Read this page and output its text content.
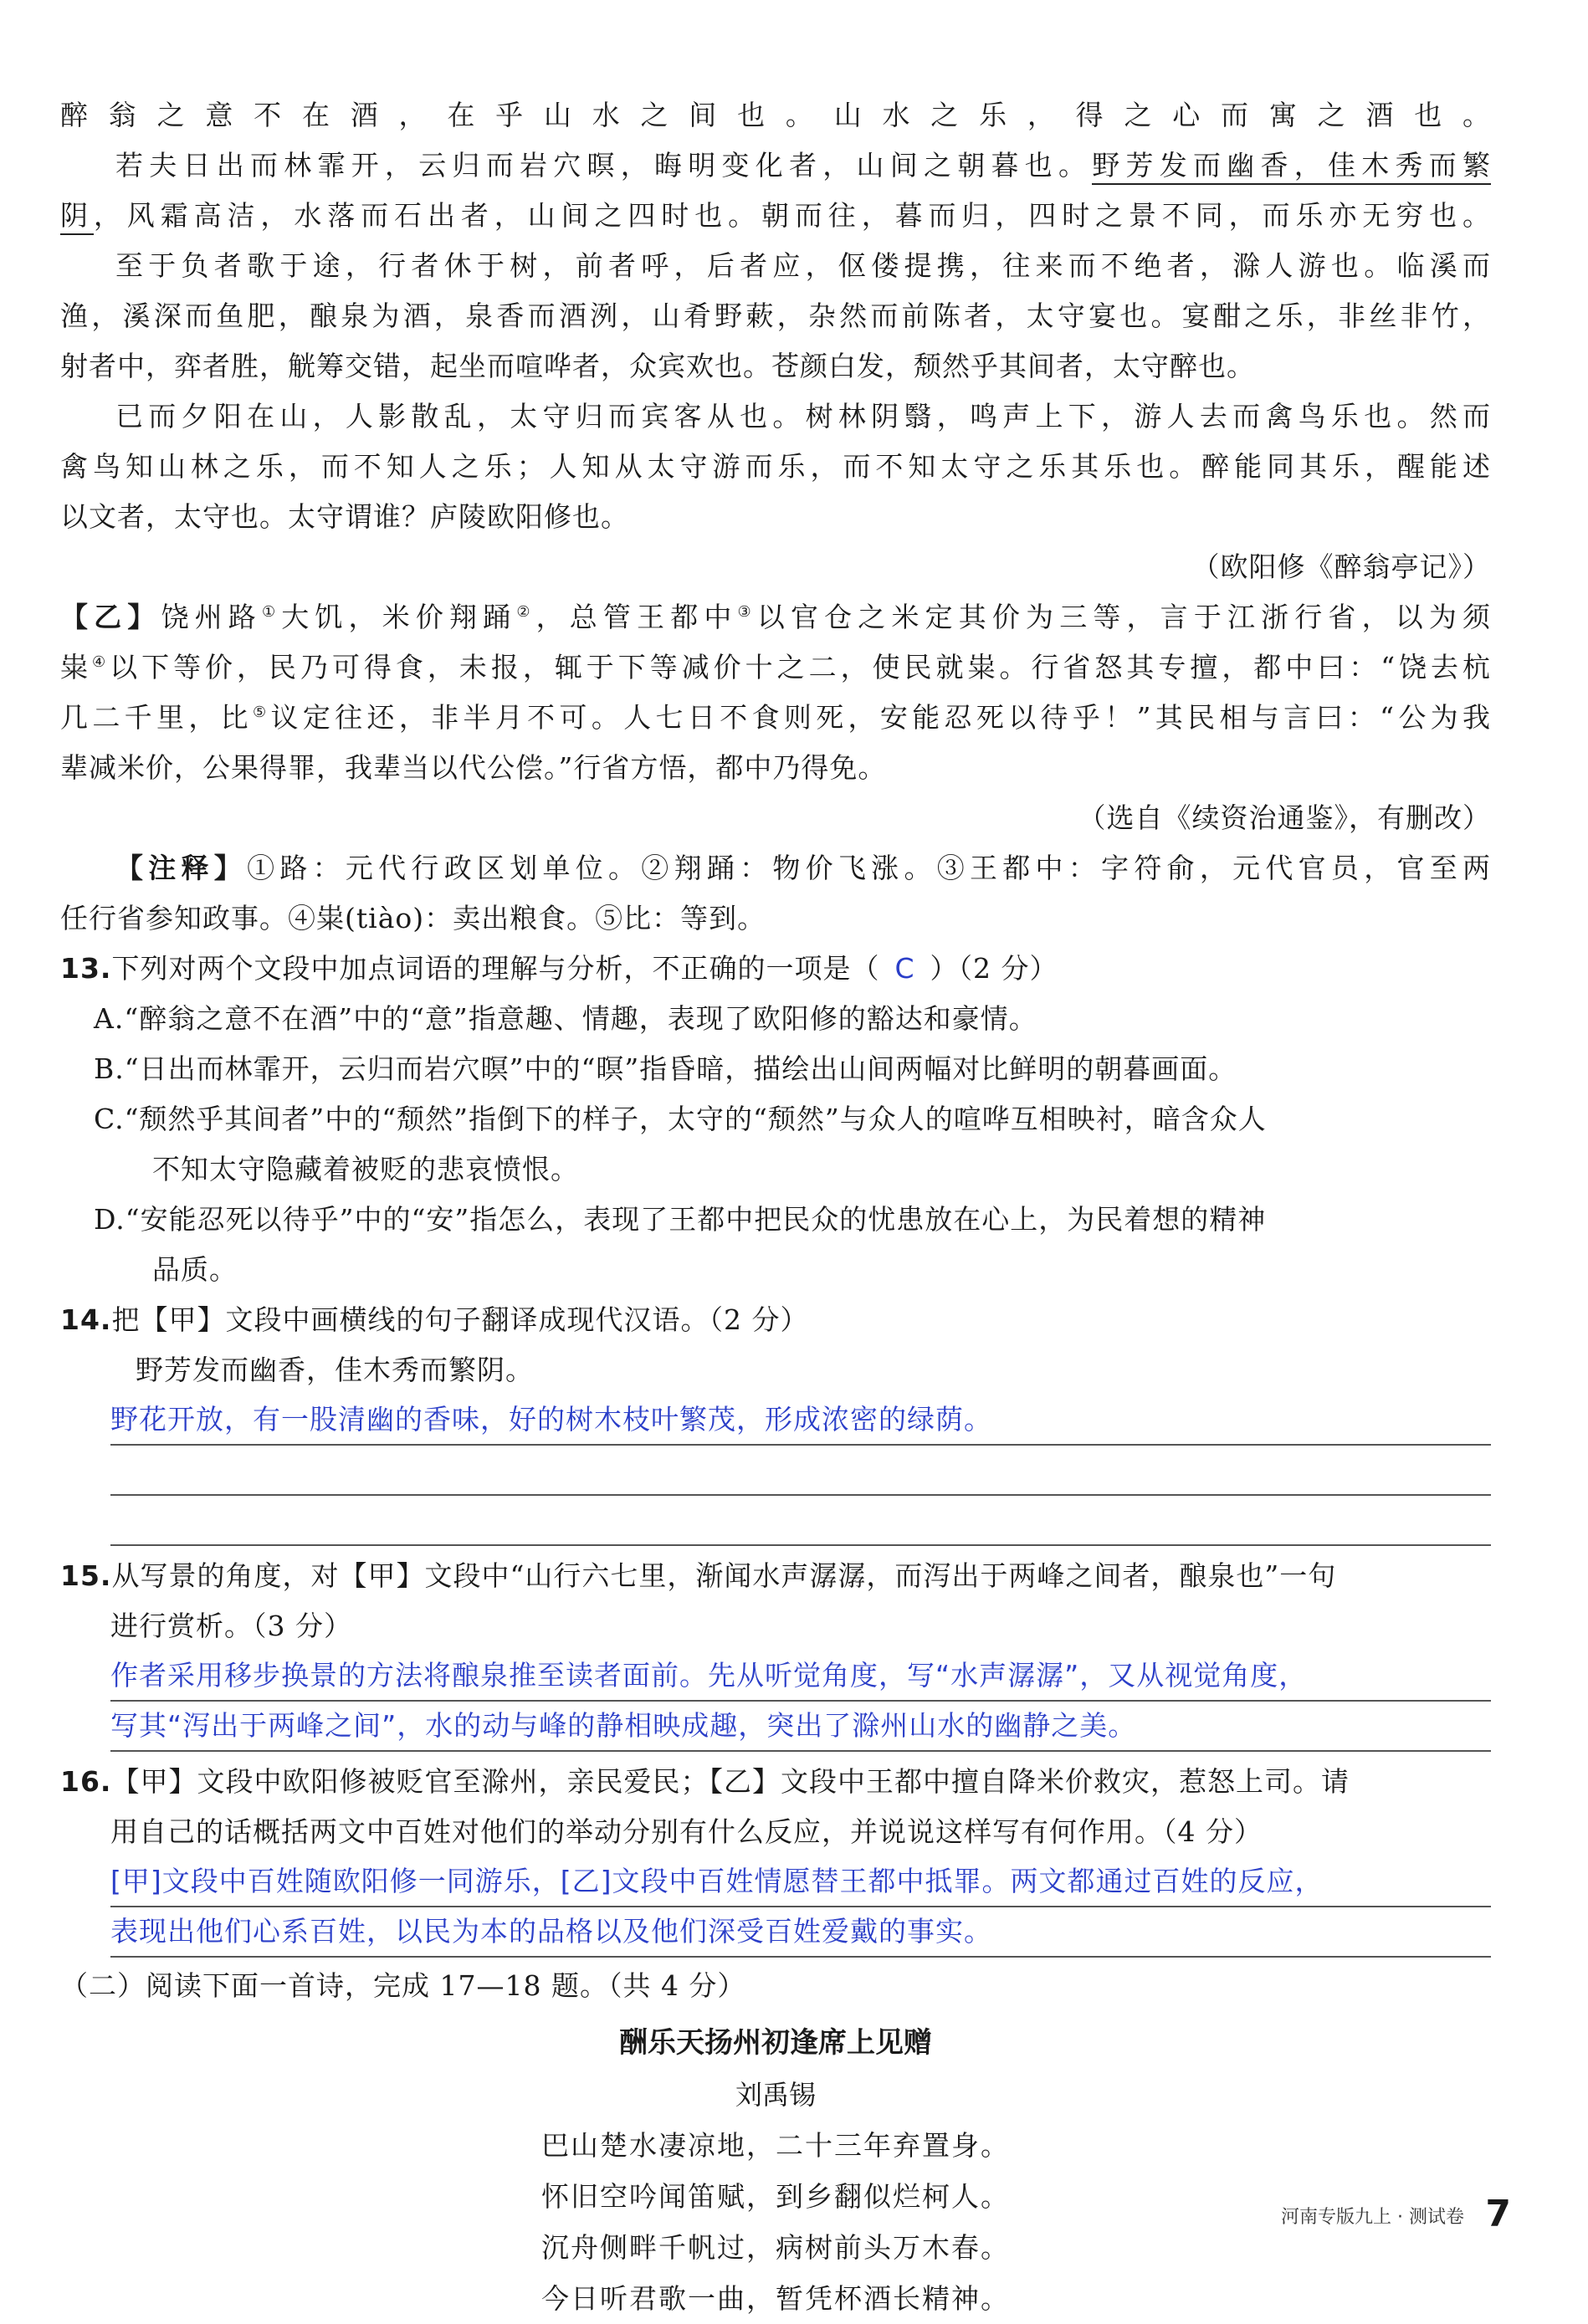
醉翁之意不在酒，在乎山水之间也。山水之乐，得之心而寓之酒也。

若夫日出而林霏开，云归而岩穴暝，晦明变化者，山间之朝暮也。野芳发而幽香，佳木秀而繁

阴，风霜高洁，水落而石出者，山间之四时也。朝而往，暮而归，四时之景不同，而乐亦无穷也。

至于负者歌于途，行者休于树，前者呼，后者应，伛偻提携，往来而不绝者，滁人游也。临溪而

渔，溪深而鱼肥，酿泉为酒，泉香而酒洌，山肴野蔌，杂然而前陈者，太守宴也。宴酣之乐，非丝非竹，

射者中，弈者胜，觥筹交错，起坐而喧哗者，众宾欢也。苍颜白发，颓然乎其间者，太守醉也。

已而夕阳在山，人影散乱，太守归而宾客从也。树林阴翳，鸣声上下，游人去而禽鸟乐也。然而

禽鸟知山林之乐，而不知人之乐；人知从太守游而乐，而不知太守之乐其乐也。醉能同其乐，醒能述

以文者，太守也。太守谓谁？庐陵欧阳修也。

（欧阳修《醉翁亭记》）

【乙】饶州路①大饥，米价翔踊②，总管王都中③以官仓之米定其价为三等，言于江浙行省，以为须

粜④以下等价，民乃可得食，未报，辄于下等减价十之二，使民就粜。行省怒其专擅，都中曰：“饶去杭

几二千里，比⑤议定往还，非半月不可。人七日不食则死，安能忍死以待乎！”其民相与言曰：“公为我

辈减米价，公果得罪，我辈当以代公偿。”行省方悟，都中乃得免。

（选自《续资治通鉴》，有删改）

【注释】①路：元代行政区划单位。②翔踊：物价飞涨。③王都中：字符俞，元代官员，官至两

任行省参知政事。④粜(tiào)：卖出粮食。⑤比：等到。

13.下列对两个文段中加点词语的理解与分析，不正确的一项是（ C ）（2 分）

A.“醉翁之意不在酒”中的“意”指意趣、情趣，表现了欧阳修的豁达和豪情。

B.“日出而林霏开，云归而岩穴暝”中的“暝”指昏暗，描绘出山间两幅对比鲜明的朝暮画面。

C.“颓然乎其间者”中的“颓然”指倒下的样子，太守的“颓然”与众人的喧哗互相映衬，暗含众人

不知太守隐藏着被贬的悲哀愤恨。

D.“安能忍死以待乎”中的“安”指怎么，表现了王都中把民众的忧患放在心上，为民着想的精神

品质。

14.把【甲】文段中画横线的句子翻译成现代汉语。（2 分）

野芳发而幽香，佳木秀而繁阴。

野花开放，有一股清幽的香味，好的树木枝叶繁茂，形成浓密的绿荫。

15.从写景的角度，对【甲】文段中“山行六七里，渐闻水声潺潺，而泻出于两峰之间者，酿泉也”一句

进行赏析。（3 分）

作者采用移步换景的方法将酿泉推至读者面前。先从听觉角度，写“水声潺潺”，又从视觉角度，
写其“泻出于两峰之间”，水的动与峰的静相映成趣，突出了滁州山水的幽静之美。

16.【甲】文段中欧阳修被贬官至滁州，亲民爱民；【乙】文段中王都中擅自降米价救灾，惹怒上司。请

用自己的话概括两文中百姓对他们的举动分别有什么反应，并说说这样写有何作用。（4 分）

[甲]文段中百姓随欧阳修一同游乐，[乙]文段中百姓情愿替王都中抵罪。两文都通过百姓的反应，
表现出他们心系百姓，以民为本的品格以及他们深受百姓爱戴的事实。

（二）阅读下面一首诗，完成 17—18 题。（共 4 分）

酬乐天扬州初逢席上见赠

刘禹锡

巴山楚水凄凉地，二十三年弃置身。

怀旧空吟闻笛赋，到乡翻似烂柯人。

沉舟侧畔千帆过，病树前头万木春。

今日听君歌一曲，暂凭杯酒长精神。

河南专版九上 · 测试卷 7
